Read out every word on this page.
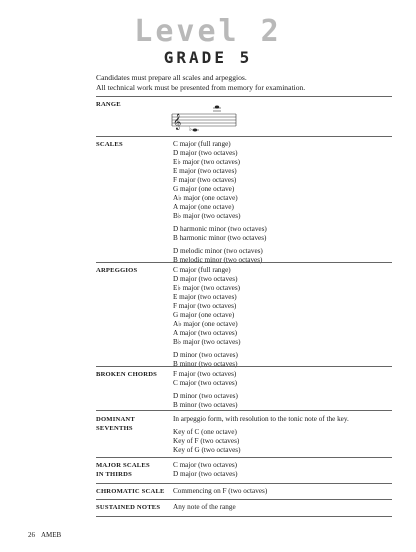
Level 2
GRADE 5
Candidates must prepare all scales and arpeggios.
All technical work must be presented from memory for examination.
RANGE
𝄞 ♭
SCALES	C major (full range)
D major (two octaves)
E♭ major (two octaves)
E major (two octaves)
F major (two octaves)
G major (one octave)
A♭ major (one octave)
A major (one octave)
B♭ major (two octaves)
D harmonic minor (two octaves)
B harmonic minor (two octaves)
D melodic minor (two octaves)
B melodic minor (two octaves)
ARPEGGIOS	C major (full range)
D major (two octaves)
E♭ major (two octaves)
E major (two octaves)
F major (two octaves)
G major (one octave)
A♭ major (one octave)
A major (two octaves)
B♭ major (two octaves)
D minor (two octaves)
B minor (two octaves)
BROKEN CHORDS F major (two octaves)
C major (two octaves)
D minor (two octaves)
B minor (two octaves)
DOMINANT
SEVENTHS
In arpeggio form, with resolution to the tonic note of the key.
Key of C (one octave)
Key of F (two octaves)
Key of G (two octaves)
MAJOR SCALES
IN THIRDS
C major (two octaves)
D major (two octaves)
CHROMATIC SCALE Commencing on F (two octaves)
SUSTAINED NOTES Any note of the range
26 AMEB
